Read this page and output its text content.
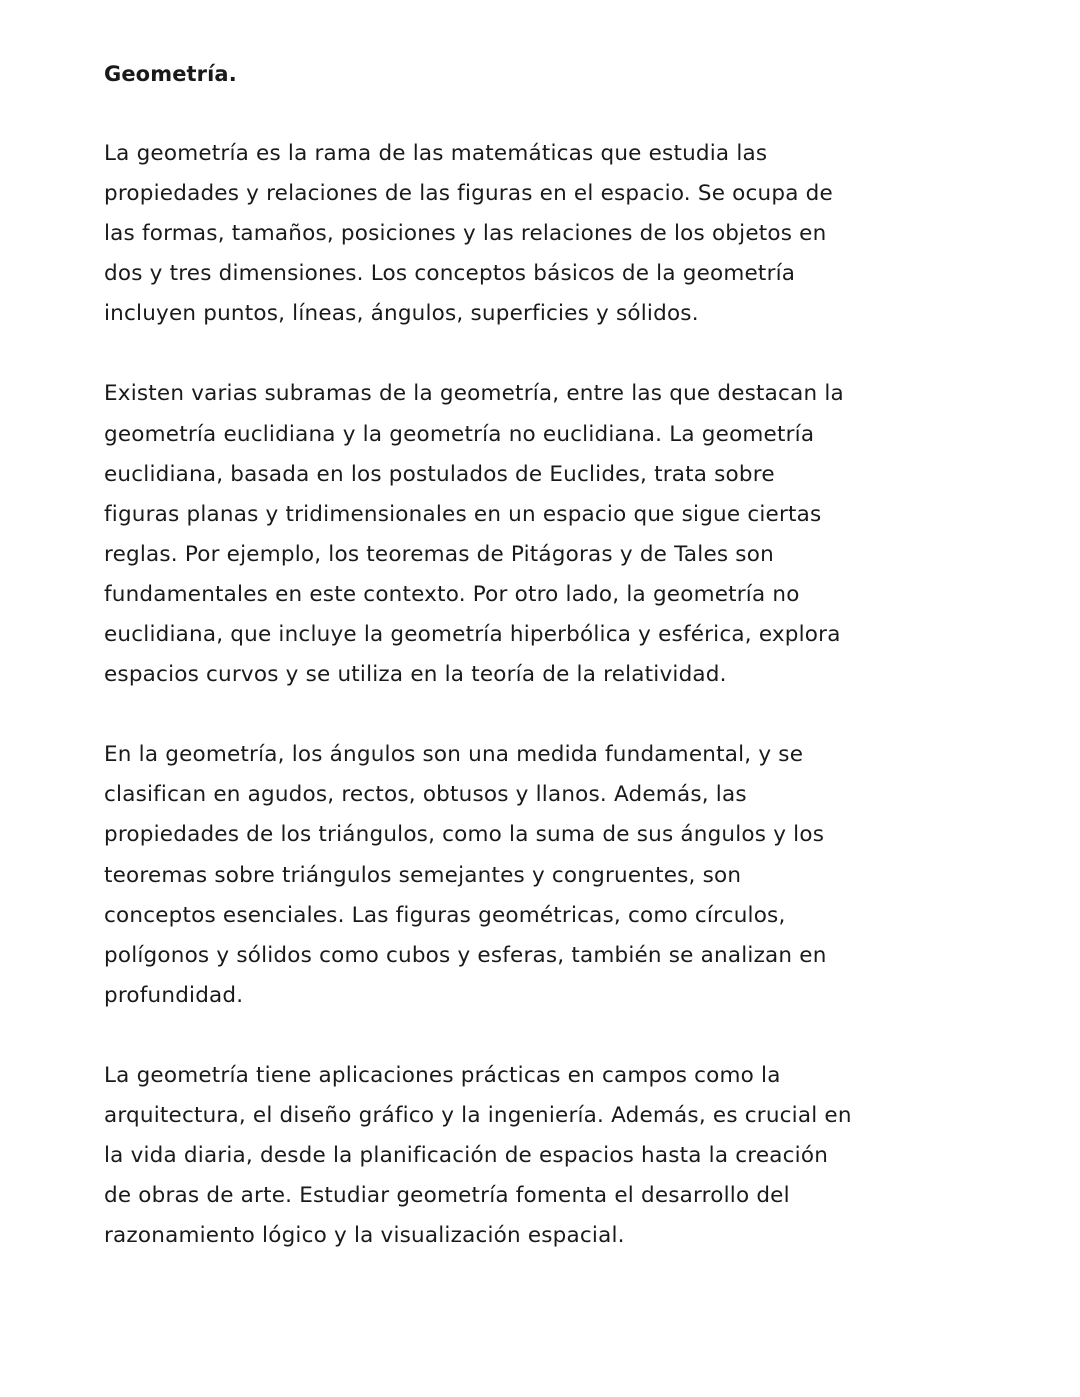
Geometría.
La geometría es la rama de las matemáticas que estudia las
propiedades y relaciones de las figuras en el espacio. Se ocupa de
las formas, tamaños, posiciones y las relaciones de los objetos en
dos y tres dimensiones. Los conceptos básicos de la geometría
incluyen puntos, líneas, ángulos, superficies y sólidos.
Existen varias subramas de la geometría, entre las que destacan la
geometría euclidiana y la geometría no euclidiana. La geometría
euclidiana, basada en los postulados de Euclides, trata sobre
figuras planas y tridimensionales en un espacio que sigue ciertas
reglas. Por ejemplo, los teoremas de Pitágoras y de Tales son
fundamentales en este contexto. Por otro lado, la geometría no
euclidiana, que incluye la geometría hiperbólica y esférica, explora
espacios curvos y se utiliza en la teoría de la relatividad.
En la geometría, los ángulos son una medida fundamental, y se
clasifican en agudos, rectos, obtusos y llanos. Además, las
propiedades de los triángulos, como la suma de sus ángulos y los
teoremas sobre triángulos semejantes y congruentes, son
conceptos esenciales. Las figuras geométricas, como círculos,
polígonos y sólidos como cubos y esferas, también se analizan en
profundidad.
La geometría tiene aplicaciones prácticas en campos como la
arquitectura, el diseño gráfico y la ingeniería. Además, es crucial en
la vida diaria, desde la planificación de espacios hasta la creación
de obras de arte. Estudiar geometría fomenta el desarrollo del
razonamiento lógico y la visualización espacial.
